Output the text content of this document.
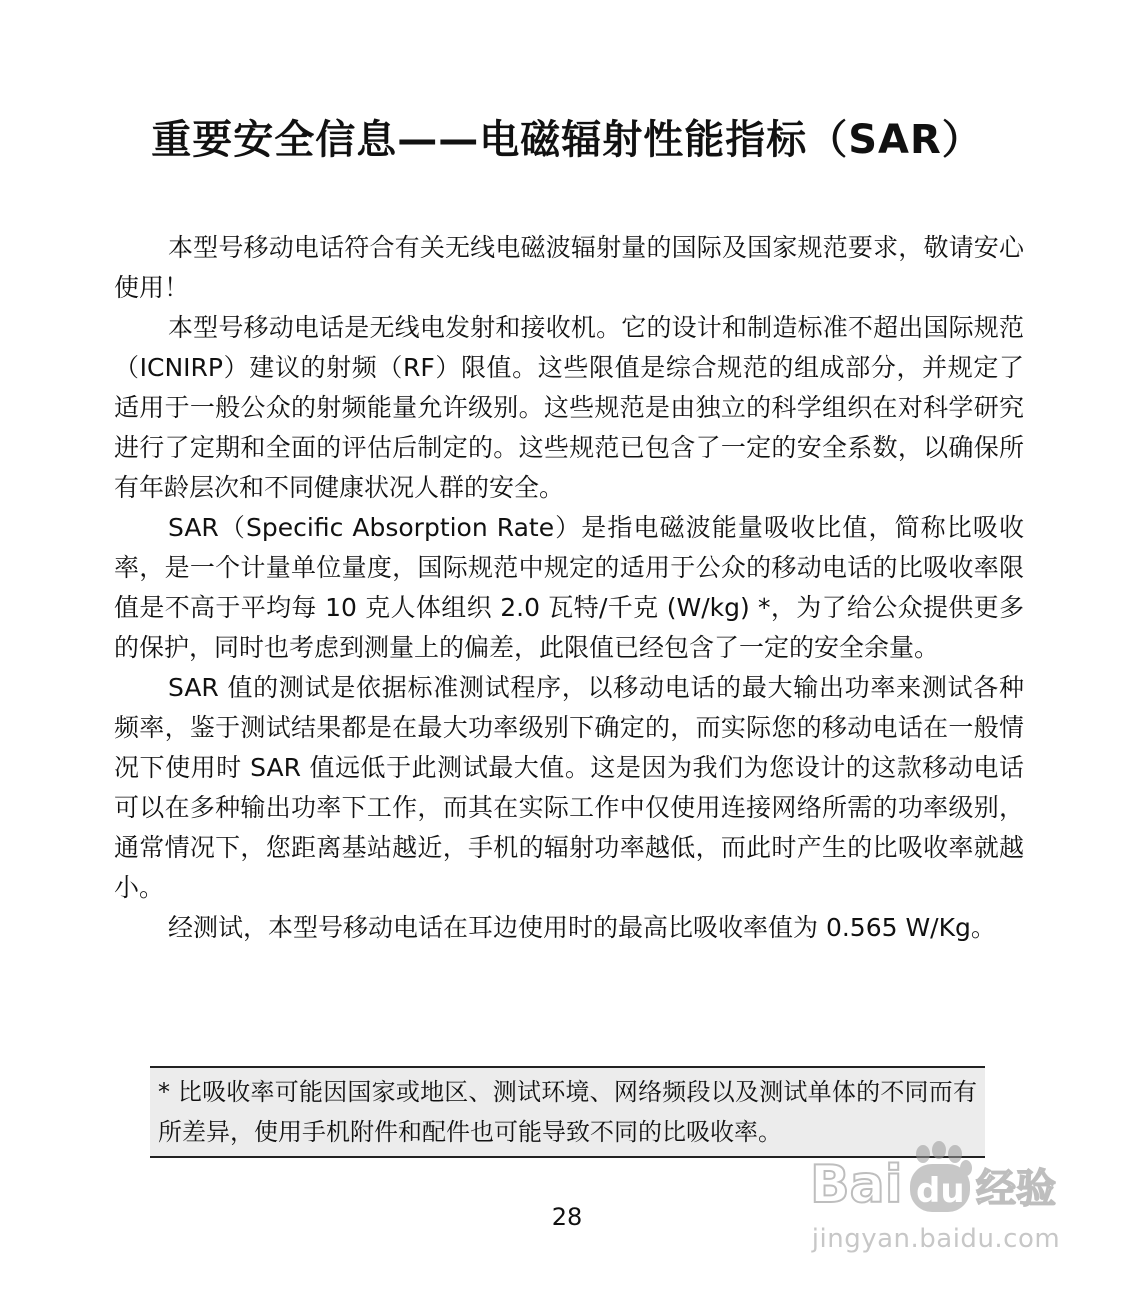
重要安全信息——电磁辐射性能指标（SAR）

本型号移动电话符合有关无线电磁波辐射量的国际及国家规范要求，敬请安心使用！

本型号移动电话是无线电发射和接收机。它的设计和制造标准不超出国际规范（ICNIRP）建议的射频（RF）限值。这些限值是综合规范的组成部分，并规定了适用于一般公众的射频能量允许级别。这些规范是由独立的科学组织在对科学研究进行了定期和全面的评估后制定的。这些规范已包含了一定的安全系数，以确保所有年龄层次和不同健康状况人群的安全。

SAR（Specific Absorption Rate）是指电磁波能量吸收比值，简称比吸收率，是一个计量单位量度，国际规范中规定的适用于公众的移动电话的比吸收率限值是不高于平均每 10 克人体组织 2.0 瓦特/千克 (W/kg) *，为了给公众提供更多的保护，同时也考虑到测量上的偏差，此限值已经包含了一定的安全余量。

SAR 值的测试是依据标准测试程序，以移动电话的最大输出功率来测试各种频率，鉴于测试结果都是在最大功率级别下确定的，而实际您的移动电话在一般情况下使用时 SAR 值远低于此测试最大值。这是因为我们为您设计的这款移动电话可以在多种输出功率下工作，而其在实际工作中仅使用连接网络所需的功率级别，通常情况下，您距离基站越近，手机的辐射功率越低，而此时产生的比吸收率就越小。

经测试，本型号移动电话在耳边使用时的最高比吸收率值为 0.565 W/Kg。

* 比吸收率可能因国家或地区、测试环境、网络频段以及测试单体的不同而有所差异，使用手机附件和配件也可能导致不同的比吸收率。

28
Bai du 经验
jingyan.baidu.com
